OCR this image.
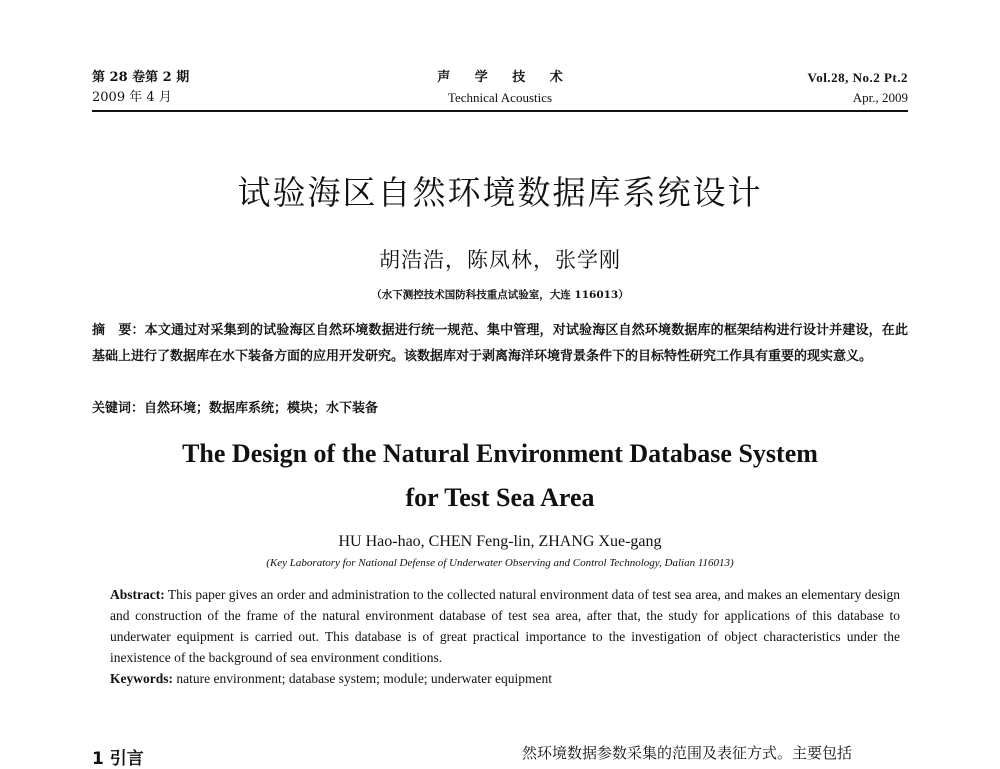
第 28 卷第 2 期
2009 年 4 月
声 学 技 术
Technical Acoustics
Vol.28, No.2 Pt.2
Apr., 2009
试验海区自然环境数据库系统设计
胡浩浩，陈凤林，张学刚
（水下测控技术国防科技重点试验室，大连 116013）
摘　要：本文通过对采集到的试验海区自然环境数据进行统一规范、集中管理，对试验海区自然环境数据库的框架结构进行设计并建设，在此基础上进行了数据库在水下装备方面的应用开发研究。该数据库对于剥离海洋环境背景条件下的目标特性研究工作具有重要的现实意义。
关键词：自然环境；数据库系统；模块；水下装备
The Design of the Natural Environment Database System
for Test Sea Area
HU Hao-hao, CHEN Feng-lin, ZHANG Xue-gang
(Key Laboratory for National Defense of Underwater Observing and Control Technology, Dalian 116013)
Abstract: This paper gives an order and administration to the collected natural environment data of test sea area, and makes an elementary design and construction of the frame of the natural environment database of test sea area, after that, the study for applications of this database to underwater equipment is carried out. This database is of great practical importance to the investigation of object characteristics under the inexistence of the background of sea environment conditions.
Keywords: nature environment; database system; module; underwater equipment
1 引言	然环境数据参数采集的范围及表征方式。主要包括
